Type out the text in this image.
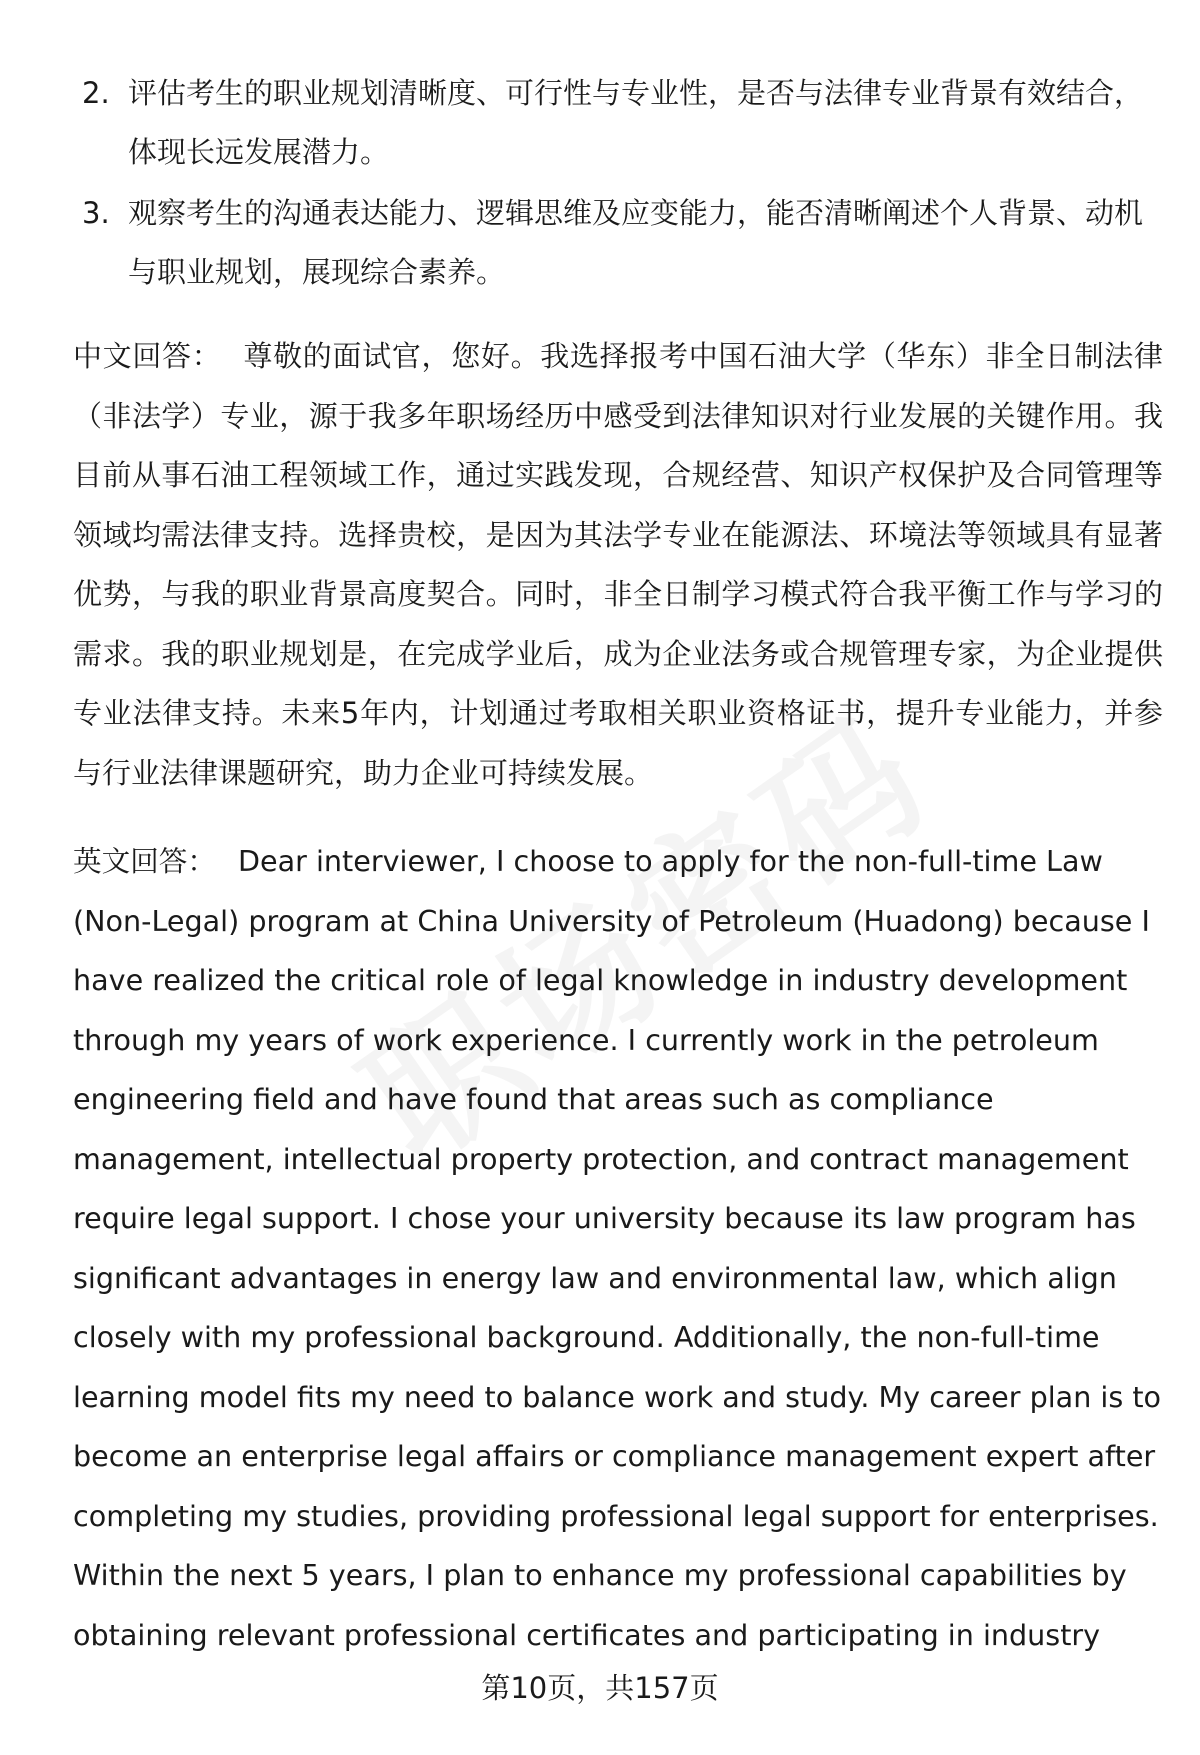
2. 评估考生的职业规划清晰度、可行性与专业性，是否与法律专业背景有效结合，体现长远发展潜力。
3. 观察考生的沟通表达能力、逻辑思维及应变能力，能否清晰阐述个人背景、动机与职业规划，展现综合素养。

中文回答： 尊敬的面试官，您好。我选择报考中国石油大学（华东）非全日制法律（非法学）专业，源于我多年职场经历中感受到法律知识对行业发展的关键作用。我目前从事石油工程领域工作，通过实践发现，合规经营、知识产权保护及合同管理等领域均需法律支持。选择贵校，是因为其法学专业在能源法、环境法等领域具有显著优势，与我的职业背景高度契合。同时，非全日制学习模式符合我平衡工作与学习的需求。我的职业规划是，在完成学业后，成为企业法务或合规管理专家，为企业提供专业法律支持。未来5年内，计划通过考取相关职业资格证书，提升专业能力，并参与行业法律课题研究，助力企业可持续发展。

英文回答： Dear interviewer, I choose to apply for the non-full-time Law (Non-Legal) program at China University of Petroleum (Huadong) because I have realized the critical role of legal knowledge in industry development through my years of work experience. I currently work in the petroleum engineering field and have found that areas such as compliance management, intellectual property protection, and contract management require legal support. I chose your university because its law program has significant advantages in energy law and environmental law, which align closely with my professional background. Additionally, the non-full-time learning model fits my need to balance work and study. My career plan is to become an enterprise legal affairs or compliance management expert after completing my studies, providing professional legal support for enterprises. Within the next 5 years, I plan to enhance my professional capabilities by obtaining relevant professional certificates and participating in industry

第10页，共157页
